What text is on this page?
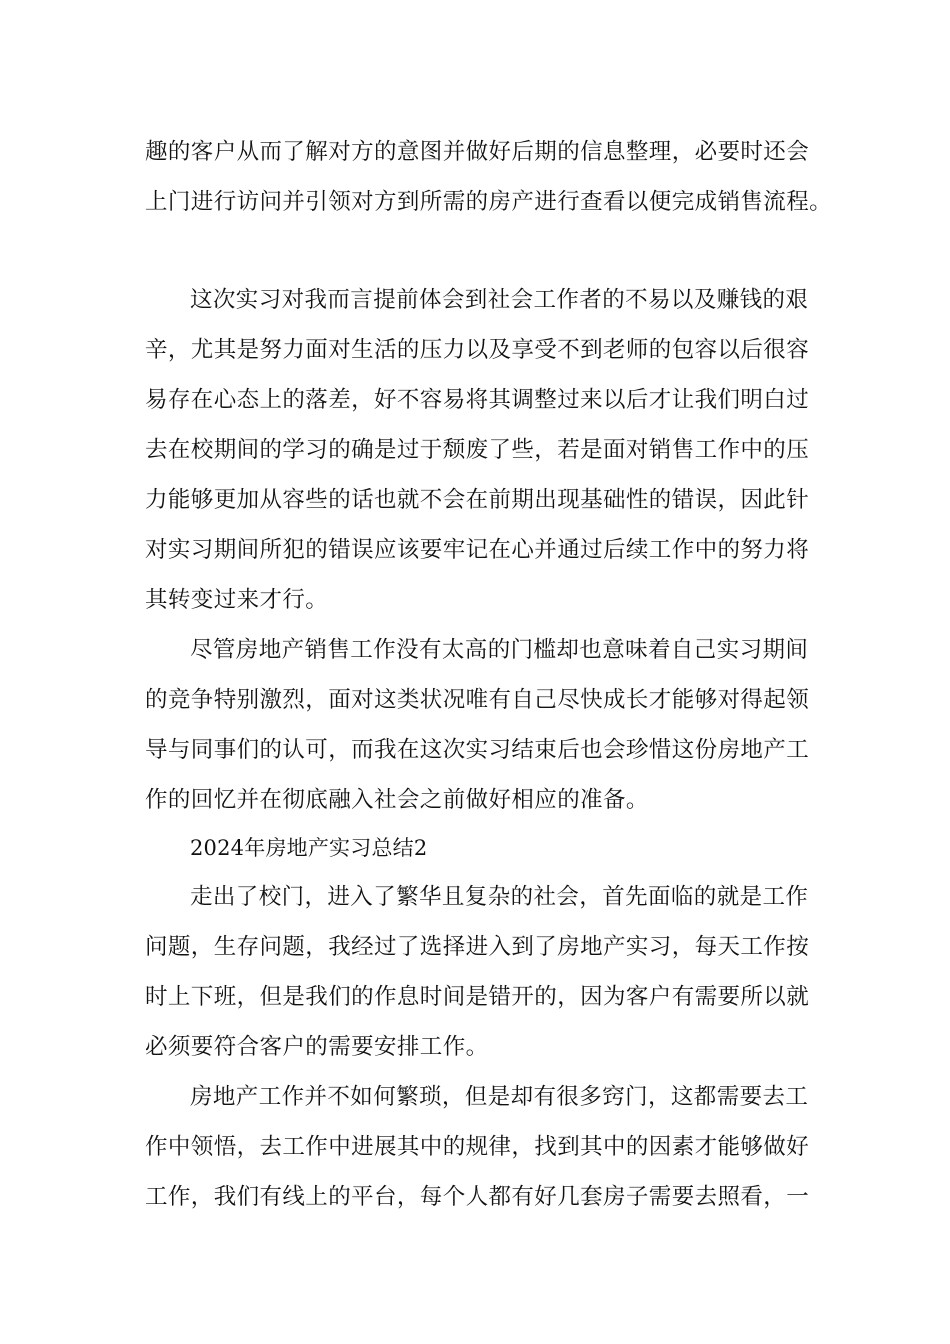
趣的客户从而了解对方的意图并做好后期的信息整理，必要时还会
上门进行访问并引领对方到所需的房产进行查看以便完成销售流程。
这次实习对我而言提前体会到社会工作者的不易以及赚钱的艰
辛，尤其是努力面对生活的压力以及享受不到老师的包容以后很容
易存在心态上的落差，好不容易将其调整过来以后才让我们明白过
去在校期间的学习的确是过于颓废了些，若是面对销售工作中的压
力能够更加从容些的话也就不会在前期出现基础性的错误，因此针
对实习期间所犯的错误应该要牢记在心并通过后续工作中的努力将
其转变过来才行。
尽管房地产销售工作没有太高的门槛却也意味着自己实习期间
的竞争特别激烈，面对这类状况唯有自己尽快成长才能够对得起领
导与同事们的认可，而我在这次实习结束后也会珍惜这份房地产工
作的回忆并在彻底融入社会之前做好相应的准备。
2024年房地产实习总结2
走出了校门，进入了繁华且复杂的社会，首先面临的就是工作
问题，生存问题，我经过了选择进入到了房地产实习，每天工作按
时上下班，但是我们的作息时间是错开的，因为客户有需要所以就
必须要符合客户的需要安排工作。
房地产工作并不如何繁琐，但是却有很多窍门，这都需要去工
作中领悟，去工作中进展其中的规律，找到其中的因素才能够做好
工作，我们有线上的平台，每个人都有好几套房子需要去照看，一
